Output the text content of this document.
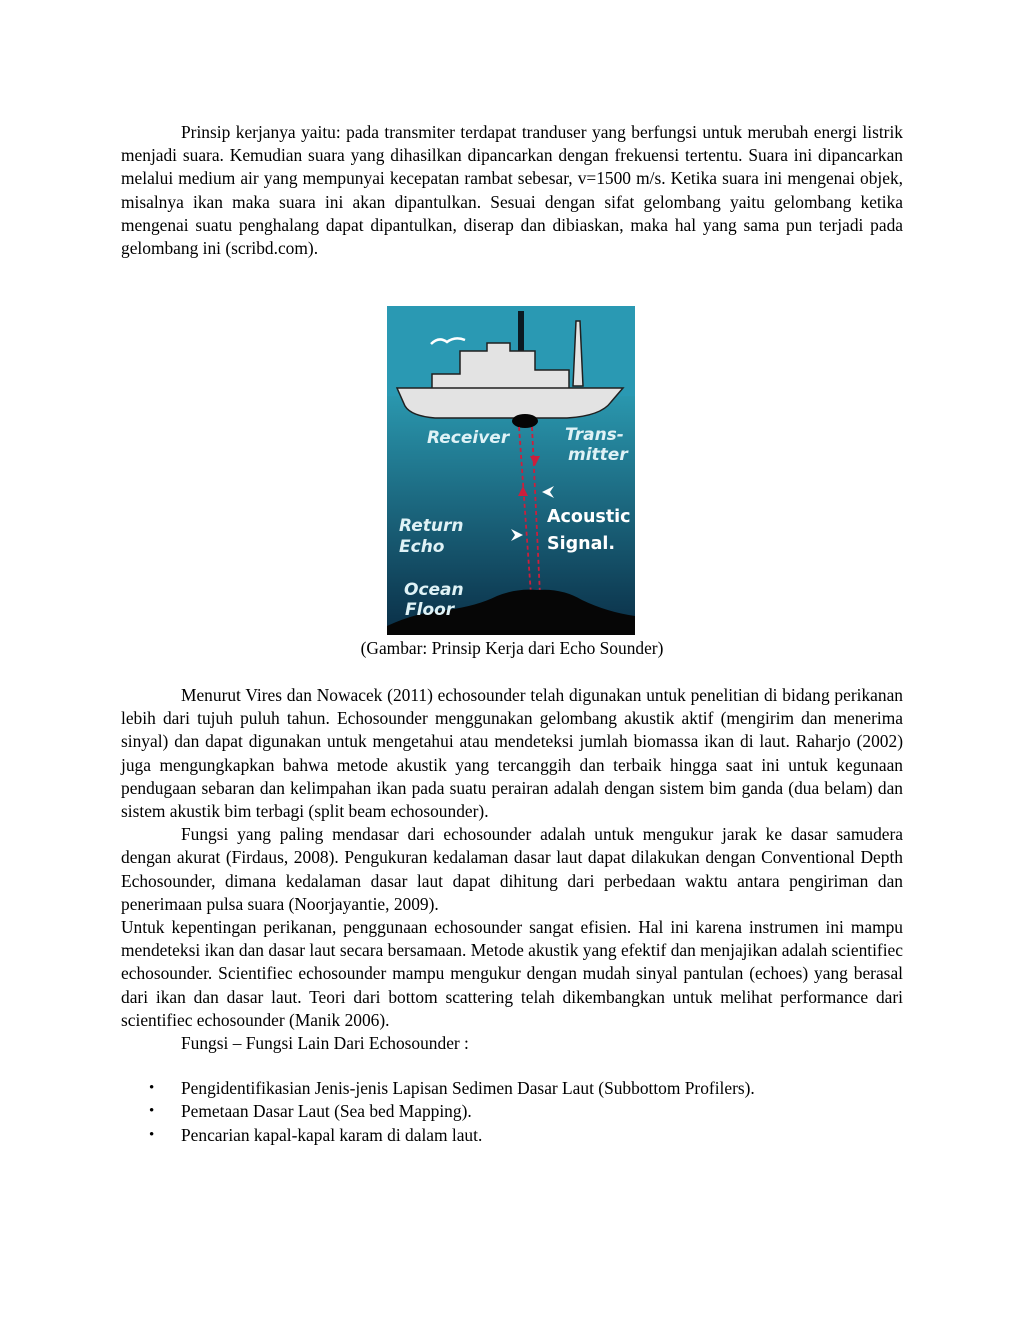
Prinsip kerjanya yaitu: pada transmiter terdapat tranduser yang berfungsi untuk merubah energi listrik menjadi suara. Kemudian suara yang dihasilkan dipancarkan dengan frekuensi tertentu. Suara ini dipancarkan melalui medium air yang mempunyai kecepatan rambat sebesar, v=1500 m/s. Ketika suara ini mengenai objek, misalnya ikan maka suara ini akan dipantulkan. Sesuai dengan sifat gelombang yaitu gelombang ketika mengenai suatu penghalang dapat dipantulkan, diserap dan dibiaskan, maka hal yang sama pun terjadi pada gelombang ini (scribd.com).

Receiver	Trans-
mitter
Return
Echo
Ocean
Floor
Acoustic
Signal.

(Gambar: Prinsip Kerja dari Echo Sounder)

Menurut Vires dan Nowacek (2011) echosounder telah digunakan untuk penelitian di bidang perikanan lebih dari tujuh puluh tahun. Echosounder menggunakan gelombang akustik aktif (mengirim dan menerima sinyal) dan dapat digunakan untuk mengetahui atau mendeteksi jumlah biomassa ikan di laut. Raharjo (2002) juga mengungkapkan bahwa metode akustik yang tercanggih dan terbaik hingga saat ini untuk kegunaan pendugaan sebaran dan kelimpahan ikan pada suatu perairan adalah dengan sistem bim ganda (dua belam) dan sistem akustik bim terbagi (split beam echosounder).

Fungsi yang paling mendasar dari echosounder adalah untuk mengukur jarak ke dasar samudera dengan akurat (Firdaus, 2008). Pengukuran kedalaman dasar laut dapat dilakukan dengan Conventional Depth Echosounder, dimana kedalaman dasar laut dapat dihitung dari perbedaan waktu antara pengiriman dan penerimaan pulsa suara (Noorjayantie, 2009).

Untuk kepentingan perikanan, penggunaan echosounder sangat efisien. Hal ini karena instrumen ini mampu mendeteksi ikan dan dasar laut secara bersamaan. Metode akustik yang efektif dan menjajikan adalah scientifiec echosounder. Scientifiec echosounder mampu mengukur dengan mudah sinyal pantulan (echoes) yang berasal dari ikan dan dasar laut. Teori dari bottom scattering telah dikembangkan untuk melihat performance dari scientifiec echosounder (Manik 2006).

Fungsi – Fungsi Lain Dari Echosounder :

• Pengidentifikasian Jenis-jenis Lapisan Sedimen Dasar Laut (Subbottom Profilers).
• Pemetaan Dasar Laut (Sea bed Mapping).
• Pencarian kapal-kapal karam di dalam laut.
